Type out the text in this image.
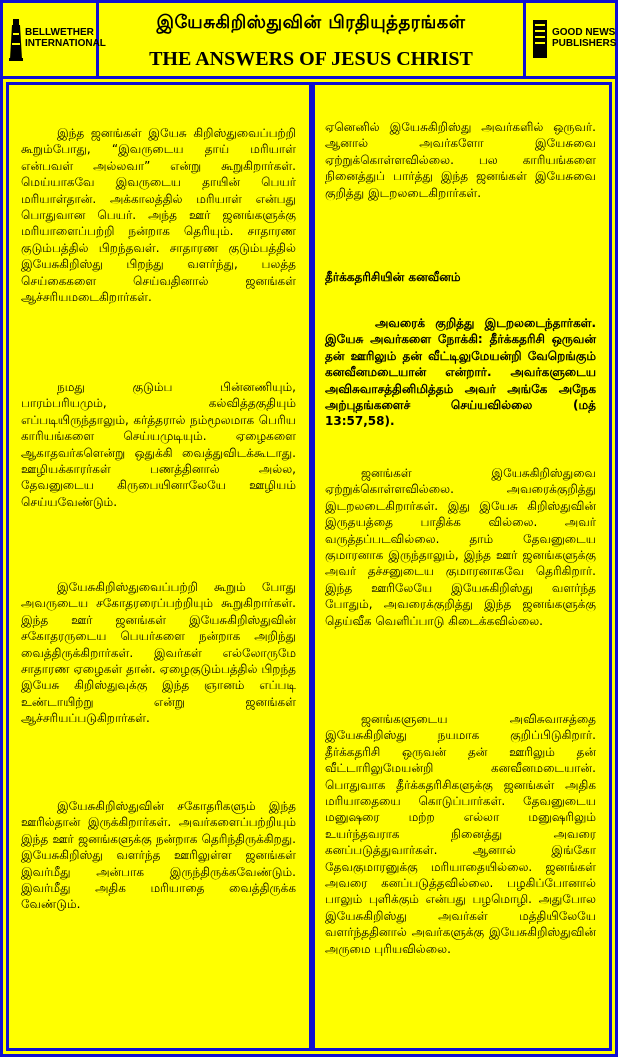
BELLWETHER
INTERNATIONAL
இயேசுகிறிஸ்துவின் பிரதியுத்தரங்கள்
THE ANSWERS OF JESUS CHRIST
GOOD NEWS
PUBLISHERS
இந்த ஜனங்கள் இயேசு கிறிஸ்துவைப்பற்றி கூறும்போது, “இவருடைய தாய் மரியாள் என்பவள் அல்லவா” என்று கூறுகிறார்கள். மெய்யாகவே இவருடைய தாயின் பெயர் மரியாள்தான். அக்காலத்தில் மரியாள் என்பது பொதுவான பெயர். அந்த ஊர் ஜனங்களுக்கு மரியாளைப்பற்றி நன்றாக தெரியும். சாதாரண குடும்பத்தில் பிறந்தவள். சாதாரண குடும்பத்தில் இயேசுகிறிஸ்து பிறந்து வளர்ந்து, பலத்த செய்கைகளை செய்வதினால் ஜனங்கள் ஆச்சரியமடைகிறார்கள்.
நமது குடும்ப பின்னணியும், பாரம்பரியமும், கல்வித்தகுதியும் எப்படியிருந்தாலும், கர்த்தரால் நம்மூலமாக பெரிய காரியங்களை செய்யமுடியும். ஏழைகளை ஆகாதவர்களென்று ஒதுக்கி வைத்துவிடக்கூடாது. ஊழியக்காரர்கள் பணத்தினால் அல்ல, தேவனுடைய கிருபையினாலேயே ஊழியம் செய்யவேண்டும்.
இயேசுகிறிஸ்துவைப்பற்றி கூறும் போது அவருடைய சகோதரரைப்பற்றியும் கூறுகிறார்கள். இந்த ஊர் ஜனங்கள் இயேசுகிறிஸ்துவின் சகோதரருடைய பெயர்களை நன்றாக அறிந்து வைத்திருக்கிறார்கள். இவர்கள் எல்லோருமே சாதாரண ஏழைகள் தான். ஏழைகுடும்பத்தில் பிறந்த இயேசு கிறிஸ்துவுக்கு இந்த ஞானம் எப்படி உண்டாயிற்று என்று ஜனங்கள் ஆச்சரியப்படுகிறார்கள்.
இயேசுகிறிஸ்துவின் சகோதரிகளும் இந்த ஊரில்தான் இருக்கிறார்கள். அவர்களைப்பற்றியும் இந்த ஊர் ஜனங்களுக்கு நன்றாக தெரிந்திருக்கிறது. இயேசுகிறிஸ்து வளர்ந்த ஊரிலுள்ள ஜனங்கள் இவர்மீது அன்பாக இருந்திருக்கவேண்டும். இவர்மீது அதிக மரியாதை வைத்திருக்க வேண்டும்.
ஏனெனில் இயேசுகிறிஸ்து அவர்களில் ஒருவர். ஆனால் அவர்களோ இயேசுவை ஏற்றுக்கொள்ளவில்லை. பல காரியங்களை நினைத்துப் பார்த்து இந்த ஜனங்கள் இயேசுவை குறித்து இடறலடைகிறார்கள்.
தீர்க்கதரிசியின் கனவீனம்
அவரைக் குறித்து இடறலடைந்தார்கள். இயேசு அவர்களை நோக்கி: தீர்க்கதரிசி ஒருவன் தன் ஊரிலும் தன் வீட்டிலுமேயன்றி வேறெங்கும் கனவீனமடையான் என்றார். அவர்களுடைய அவிசுவாசத்தினிமித்தம் அவர் அங்கே அநேக அற்புதங்களைச் செய்யவில்லை (மத் 13:57,58).
ஜனங்கள் இயேசுகிறிஸ்துவை ஏற்றுக்கொள்ளவில்லை. அவரைக்குறித்து இடறலடைகிறார்கள். இது இயேசு கிறிஸ்துவின் இருதயத்தை பாதிக்க வில்லை. அவர் வருத்தப்படவில்லை. தாம் தேவனுடைய குமாரனாக இருந்தாலும், இந்த ஊர் ஜனங்களுக்கு அவர் தச்சனுடைய குமாரனாகவே தெரிகிறார். இந்த ஊரிலேயே இயேசுகிறிஸ்து வளர்ந்த போதும், அவரைக்குறித்து இந்த ஜனங்களுக்கு தெய்வீக வெளிப்பாடு கிடைக்கவில்லை.
ஜனங்களுடைய அவிசுவாசத்தை இயேசுகிறிஸ்து நயமாக குறிப்பிடுகிறார். தீர்க்கதரிசி ஒருவன் தன் ஊரிலும் தன் வீட்டாரிலுமேயன்றி கனவீனமடையான். பொதுவாக தீர்க்கதரிசிகளுக்கு ஜனங்கள் அதிக மரியாதையை கொடுப்பார்கள். தேவனுடைய மனுஷரை மற்ற எல்லா மனுஷரிலும் உயர்ந்தவராக நினைத்து அவரை கனப்படுத்துவார்கள். ஆனால் இங்கோ தேவகுமாரனுக்கு மரியாதையில்லை. ஜனங்கள் அவரை கனப்படுத்தவில்லை. பழகிப்போனால் பாலும் புளிக்கும் என்பது பழமொழி. அதுபோல இயேசுகிறிஸ்து அவர்கள் மத்தியிலேயே வளர்ந்ததினால் அவர்களுக்கு இயேசுகிறிஸ்துவின் அருமை புரியவில்லை.
